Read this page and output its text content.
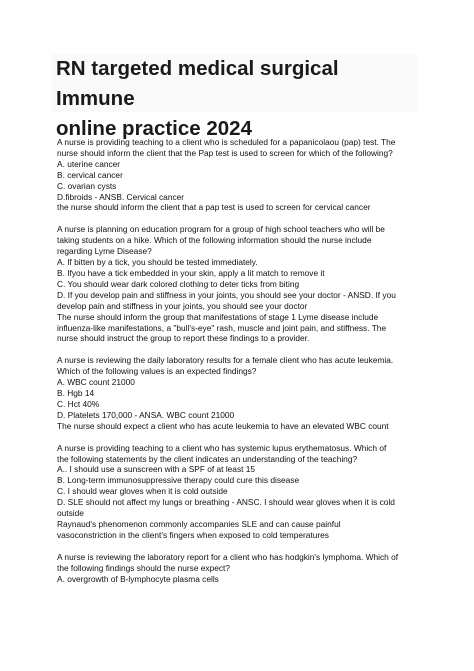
RN targeted medical surgical Immune
online practice 2024
A nurse is providing teaching to a client who is scheduled for a papanicolaou (pap) test. The
nurse should inform the client that the Pap test is used to screen for which of the following?
A. uterine cancer
B. cervical cancer
C. ovarian cysts
D.fibroids - ANSB. Cervical cancer
the nurse should inform the client that a pap test is used to screen for cervical cancer
A nurse is planning on education program for a group of high school teachers who will be
taking students on a hike. Which of the following information should the nurse include
regarding Lyme Disease?
A. If bitten by a tick, you should be tested immediately.
B. Ifyou have a tick embedded in your skin, apply a lit match to remove it
C. You should wear dark colored clothing to deter ticks from biting
D. If you develop pain and stiffness in your joints, you should see your doctor - ANSD. If you
develop pain and stiffness in your joints, you should see your doctor
The nurse should inform the group that manifestations of stage 1 Lyme disease include
influenza-like manifestations, a "bull's-eye" rash, muscle and joint pain, and stiffness. The
nurse should instruct the group to report these findings to a provider.
A nurse is reviewing the daily laboratory results for a female client who has acute leukemia.
Which of the following values is an expected findings?
A. WBC count 21000
B. Hgb 14
C. Hct 40%
D. Platelets 170,000 - ANSA. WBC count 21000
The nurse should expect a client who has acute leukemia to have an elevated WBC count
A nurse is providing teaching to a client who has systemic lupus erythematosus. Which of
the following statements by the client indicates an understanding of the teaching?
A.. I should use a sunscreen with a SPF of at least 15
B. Long-term immunosuppressive therapy could cure this disease
C. I should wear gloves when it is cold outside
D. SLE should not affect my lungs or breathing - ANSC. I should wear gloves when it is cold
outside
Raynaud's phenomenon commonly accompanies SLE and can cause painful
vasoconstriction in the client's fingers when exposed to cold temperatures
A nurse is reviewing the laboratory report for a client who has hodgkin's lymphoma. Which of
the following findings should the nurse expect?
A. overgrowth of B-lymphocyte plasma cells
